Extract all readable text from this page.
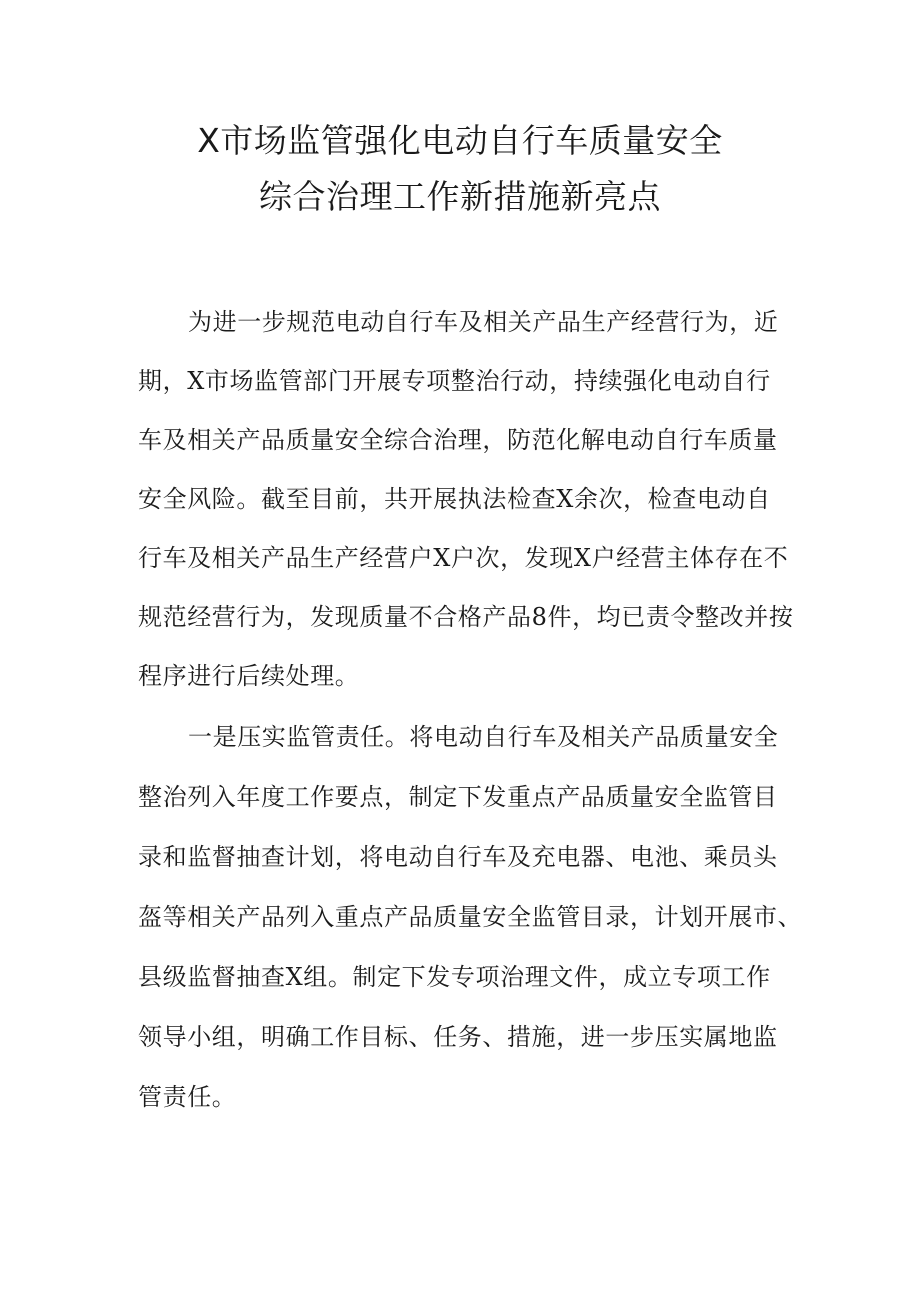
X市场监管强化电动自行车质量安全
综合治理工作新措施新亮点
为进一步规范电动自行车及相关产品生产经营行为，近
期，X市场监管部门开展专项整治行动，持续强化电动自行
车及相关产品质量安全综合治理，防范化解电动自行车质量
安全风险。截至目前，共开展执法检查X余次，检查电动自
行车及相关产品生产经营户X户次，发现X户经营主体存在不
规范经营行为，发现质量不合格产品8件，均已责令整改并按
程序进行后续处理。
一是压实监管责任。将电动自行车及相关产品质量安全
整治列入年度工作要点，制定下发重点产品质量安全监管目
录和监督抽查计划，将电动自行车及充电器、电池、乘员头
盔等相关产品列入重点产品质量安全监管目录，计划开展市、
县级监督抽查X组。制定下发专项治理文件，成立专项工作
领导小组，明确工作目标、任务、措施，进一步压实属地监
管责任。
